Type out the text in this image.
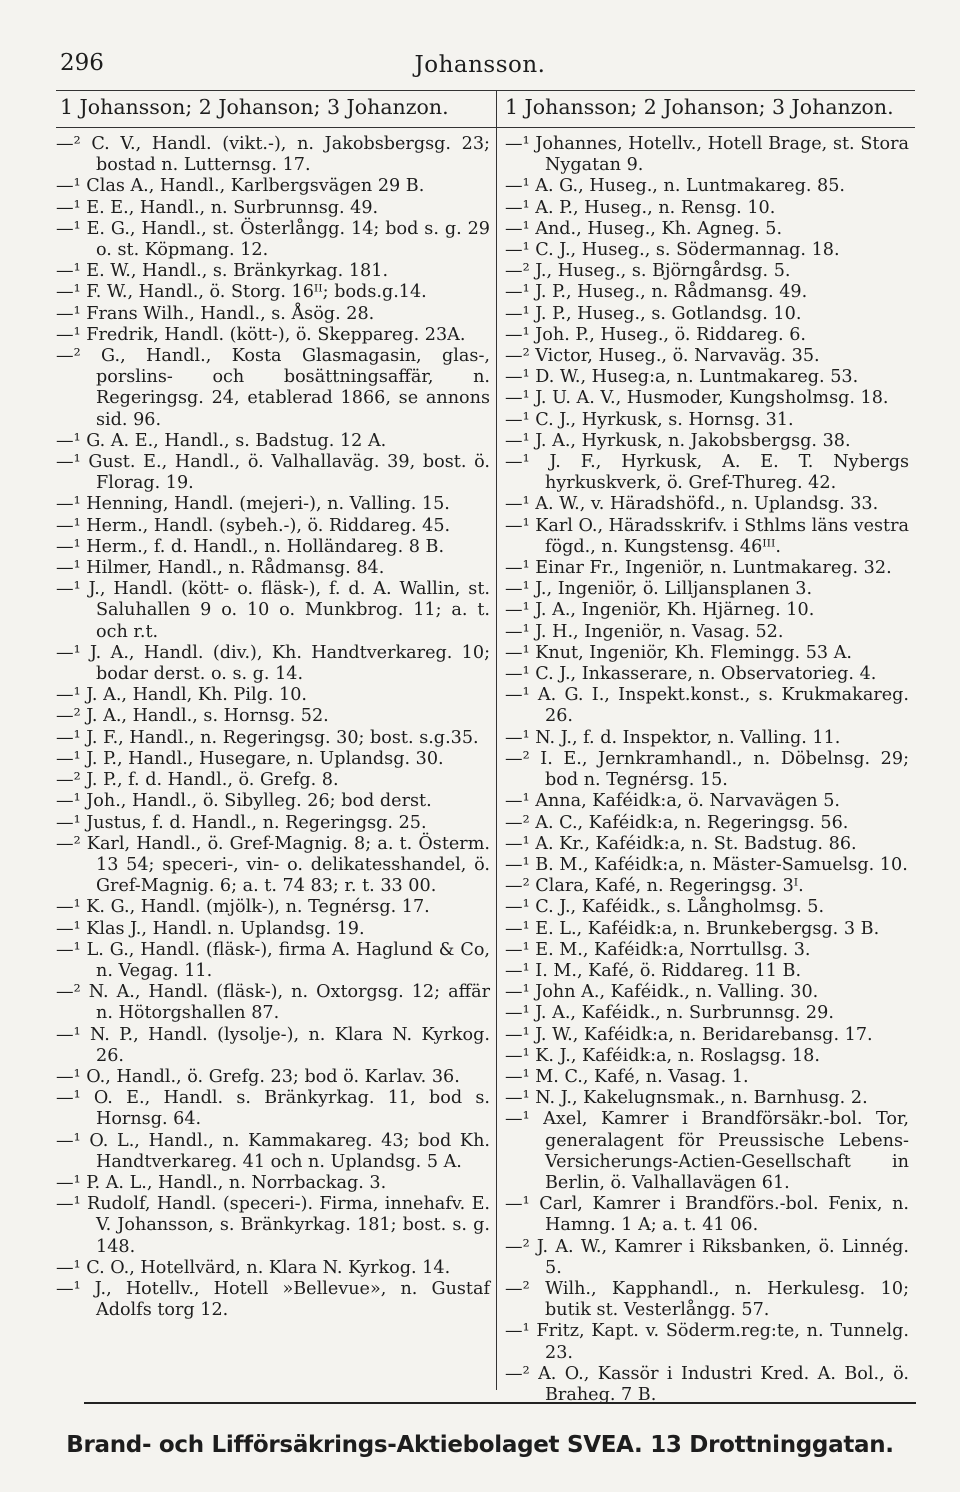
296	Johansson.
1 Johansson; 2 Johanson; 3 Johanzon.
—² C. V., Handl. (vikt.-), n. Jakobsbergsg. 23; bostad n. Lutternsg. 17.
—¹ Clas A., Handl., Karlbergsvägen 29 B.
—¹ E. E., Handl., n. Surbrunnsg. 49.
—¹ E. G., Handl., st. Österlångg. 14; bod s. g. 29 o. st. Köpmang. 12.
—¹ E. W., Handl., s. Bränkyrkag. 181.
—¹ F. W., Handl., ö. Storg. 16ᴵᴵ; bods.g.14.
—¹ Frans Wilh., Handl., s. Åsög. 28.
—¹ Fredrik, Handl. (kött-), ö. Skeppareg. 23A.
—² G., Handl., Kosta Glasmagasin, glas-, porslins- och bosättningsaffär, n. Regeringsg. 24, etablerad 1866, se annons sid. 96.
—¹ G. A. E., Handl., s. Badstug. 12 A.
—¹ Gust. E., Handl., ö. Valhallaväg. 39, bost. ö. Florag. 19.
—¹ Henning, Handl. (mejeri-), n. Valling. 15.
—¹ Herm., Handl. (sybeh.-), ö. Riddareg. 45.
—¹ Herm., f. d. Handl., n. Holländareg. 8 B.
—¹ Hilmer, Handl., n. Rådmansg. 84.
—¹ J., Handl. (kött- o. fläsk-), f. d. A. Wallin, st. Saluhallen 9 o. 10 o. Munkbrog. 11; a. t. och r.t.
—¹ J. A., Handl. (div.), Kh. Handtverkareg. 10; bodar derst. o. s. g. 14.
—¹ J. A., Handl, Kh. Pilg. 10.
—² J. A., Handl., s. Hornsg. 52.
—¹ J. F., Handl., n. Regeringsg. 30; bost. s.g.35.
—¹ J. P., Handl., Husegare, n. Uplandsg. 30.
—² J. P., f. d. Handl., ö. Grefg. 8.
—¹ Joh., Handl., ö. Sibylleg. 26; bod derst.
—¹ Justus, f. d. Handl., n. Regeringsg. 25.
—² Karl, Handl., ö. Gref-Magnig. 8; a. t. Österm. 13 54; speceri-, vin- o. delikatesshandel, ö. Gref-Magnig. 6; a. t. 74 83; r. t. 33 00.
—¹ K. G., Handl. (mjölk-), n. Tegnérsg. 17.
—¹ Klas J., Handl. n. Uplandsg. 19.
—¹ L. G., Handl. (fläsk-), firma A. Haglund & Co, n. Vegag. 11.
—² N. A., Handl. (fläsk-), n. Oxtorgsg. 12; affär n. Hötorgshallen 87.
—¹ N. P., Handl. (lysolje-), n. Klara N. Kyrkog. 26.
—¹ O., Handl., ö. Grefg. 23; bod ö. Karlav. 36.
—¹ O. E., Handl. s. Bränkyrkag. 11, bod s. Hornsg. 64.
—¹ O. L., Handl., n. Kammakareg. 43; bod Kh. Handtverkareg. 41 och n. Uplandsg. 5 A.
—¹ P. A. L., Handl., n. Norrbackag. 3.
—¹ Rudolf, Handl. (speceri-). Firma, innehafv. E. V. Johansson, s. Bränkyrkag. 181; bost. s. g. 148.
—¹ C. O., Hotellvärd, n. Klara N. Kyrkog. 14.
—¹ J., Hotellv., Hotell »Bellevue», n. Gustaf Adolfs torg 12.
1 Johansson; 2 Johanson; 3 Johanzon.
—¹ Johannes, Hotellv., Hotell Brage, st. Stora Nygatan 9.
—¹ A. G., Huseg., n. Luntmakareg. 85.
—¹ A. P., Huseg., n. Rensg. 10.
—¹ And., Huseg., Kh. Agneg. 5.
—¹ C. J., Huseg., s. Södermannag. 18.
—² J., Huseg., s. Björngårdsg. 5.
—¹ J. P., Huseg., n. Rådmansg. 49.
—¹ J. P., Huseg., s. Gotlandsg. 10.
—¹ Joh. P., Huseg., ö. Riddareg. 6.
—² Victor, Huseg., ö. Narvaväg. 35.
—¹ D. W., Huseg:a, n. Luntmakareg. 53.
—¹ J. U. A. V., Husmoder, Kungsholmsg. 18.
—¹ C. J., Hyrkusk, s. Hornsg. 31.
—¹ J. A., Hyrkusk, n. Jakobsbergsg. 38.
—¹ J. F., Hyrkusk, A. E. T. Nybergs hyrkuskverk, ö. Gref-Thureg. 42.
—¹ A. W., v. Häradshöfd., n. Uplandsg. 33.
—¹ Karl O., Häradsskrifv. i Sthlms läns vestra fögd., n. Kungstensg. 46ᴵᴵᴵ.
—¹ Einar Fr., Ingeniör, n. Luntmakareg. 32.
—¹ J., Ingeniör, ö. Lilljansplanen 3.
—¹ J. A., Ingeniör, Kh. Hjärneg. 10.
—¹ J. H., Ingeniör, n. Vasag. 52.
—¹ Knut, Ingeniör, Kh. Flemingg. 53 A.
—¹ C. J., Inkasserare, n. Observatorieg. 4.
—¹ A. G. I., Inspekt.konst., s. Krukmakareg. 26.
—¹ N. J., f. d. Inspektor, n. Valling. 11.
—² I. E., Jernkramhandl., n. Döbelnsg. 29; bod n. Tegnérsg. 15.
—¹ Anna, Kaféidk:a, ö. Narvavägen 5.
—² A. C., Kaféidk:a, n. Regeringsg. 56.
—¹ A. Kr., Kaféidk:a, n. St. Badstug. 86.
—¹ B. M., Kaféidk:a, n. Mäster-Samuelsg. 10.
—² Clara, Kafé, n. Regeringsg. 3ᴵ.
—¹ C. J., Kaféidk., s. Långholmsg. 5.
—¹ E. L., Kaféidk:a, n. Brunkebergsg. 3 B.
—¹ E. M., Kaféidk:a, Norrtullsg. 3.
—¹ I. M., Kafé, ö. Riddareg. 11 B.
—¹ John A., Kaféidk., n. Valling. 30.
—¹ J. A., Kaféidk., n. Surbrunnsg. 29.
—¹ J. W., Kaféidk:a, n. Beridarebansg. 17.
—¹ K. J., Kaféidk:a, n. Roslagsg. 18.
—¹ M. C., Kafé, n. Vasag. 1.
—¹ N. J., Kakelugnsmak., n. Barnhusg. 2.
—¹ Axel, Kamrer i Brandförsäkr.-bol. Tor, generalagent för Preussische Lebens-Versicherungs-Actien-Gesellschaft in Berlin, ö. Valhallavägen 61.
—¹ Carl, Kamrer i Brandförs.-bol. Fenix, n. Hamng. 1 A; a. t. 41 06.
—² J. A. W., Kamrer i Riksbanken, ö. Linnég. 5.
—² Wilh., Kapphandl., n. Herkulesg. 10; butik st. Vesterlångg. 57.
—¹ Fritz, Kapt. v. Söderm.reg:te, n. Tunnelg. 23.
—² A. O., Kassör i Industri Kred. A. Bol., ö. Braheg. 7 B.
Brand- och Lifförsäkrings-Aktiebolaget SVEA. 13 Drottninggatan.
